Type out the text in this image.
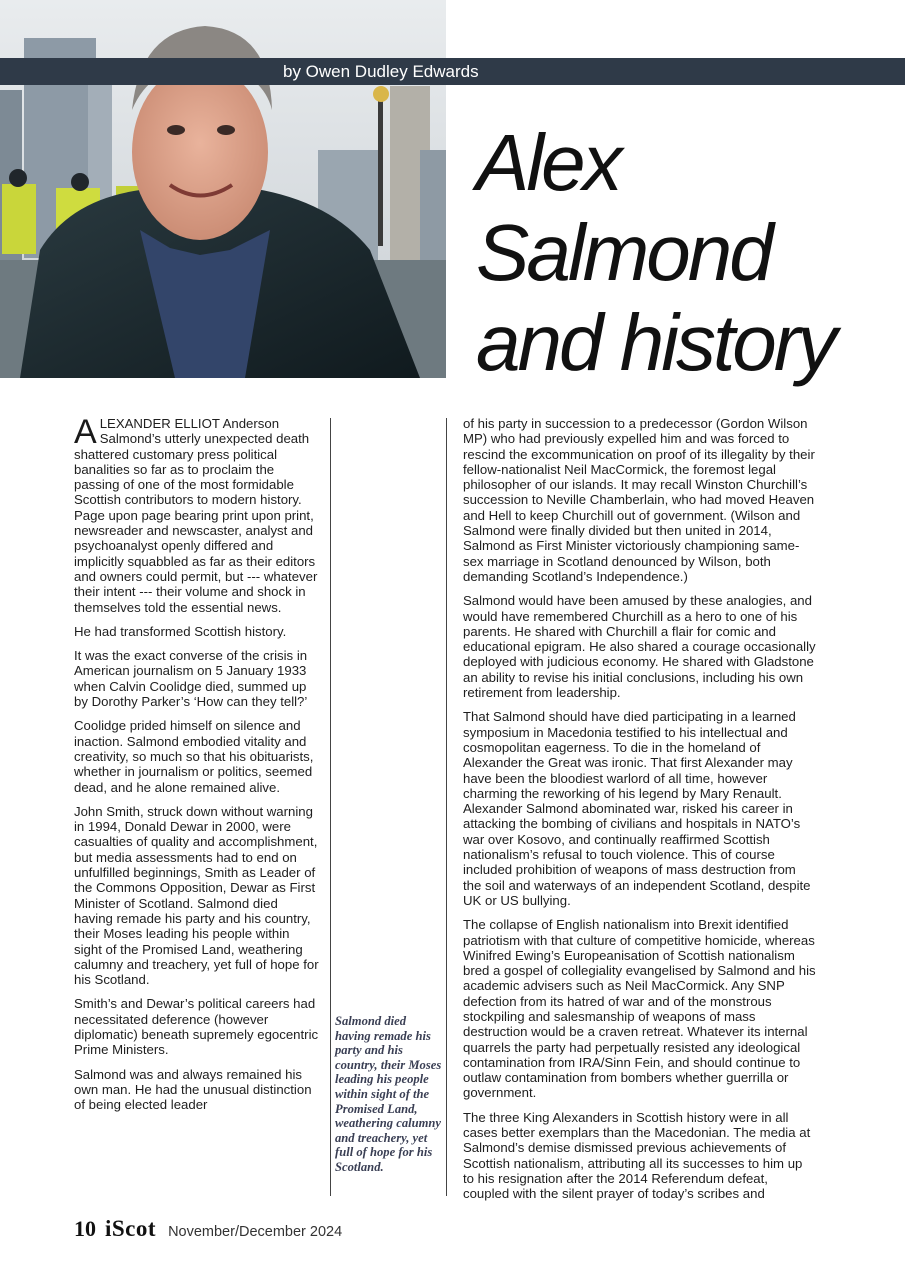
by Owen Dudley Edwards
Alex
Salmond
and history

ALEXANDER ELLIOT Anderson Salmond’s utterly unexpected death shattered customary press political banalities so far as to proclaim the passing of one of the most formidable Scottish contributors to modern history. Page upon page bearing print upon print, newsreader and newscaster, analyst and psychoanalyst openly differed and implicitly squabbled as far as their editors and owners could permit, but --- whatever their intent --- their volume and shock in themselves told the essential news.

He had transformed Scottish history.

It was the exact converse of the crisis in American journalism on 5 January 1933 when Calvin Coolidge died, summed up by Dorothy Parker’s ‘How can they tell?’

Coolidge prided himself on silence and inaction. Salmond embodied vitality and creativity, so much so that his obituarists, whether in journalism or politics, seemed dead, and he alone remained alive.

John Smith, struck down without warning in 1994, Donald Dewar in 2000, were casualties of quality and accomplishment, but media assessments had to end on unfulfilled beginnings, Smith as Leader of the Commons Opposition, Dewar as First Minister of Scotland. Salmond died having remade his party and his country, their Moses leading his people within sight of the Promised Land, weathering calumny and treachery, yet full of hope for his Scotland.

Smith’s and Dewar’s political careers had necessitated deference (however diplomatic) beneath supremely egocentric Prime Ministers.

Salmond was and always remained his own man. He had the unusual distinction of being elected leader

Salmond died having remade his party and his country, their Moses leading his people within sight of the Promised Land, weathering calumny and treachery, yet full of hope for his Scotland.

of his party in succession to a predecessor (Gordon Wilson MP) who had previously expelled him and was forced to rescind the excommunication on proof of its illegality by their fellow-nationalist Neil MacCormick, the foremost legal philosopher of our islands. It may recall Winston Churchill’s succession to Neville Chamberlain, who had moved Heaven and Hell to keep Churchill out of government. (Wilson and Salmond were finally divided but then united in 2014, Salmond as First Minister victoriously championing same-sex marriage in Scotland denounced by Wilson, both demanding Scotland’s Independence.)

Salmond would have been amused by these analogies, and would have remembered Churchill as a hero to one of his parents. He shared with Churchill a flair for comic and educational epigram. He also shared a courage occasionally deployed with judicious economy. He shared with Gladstone an ability to revise his initial conclusions, including his own retirement from leadership.

That Salmond should have died participating in a learned symposium in Macedonia testified to his intellectual and cosmopolitan eagerness. To die in the homeland of Alexander the Great was ironic. That first Alexander may have been the bloodiest warlord of all time, however charming the reworking of his legend by Mary Renault. Alexander Salmond abominated war, risked his career in attacking the bombing of civilians and hospitals in NATO’s war over Kosovo, and continually reaffirmed Scottish nationalism’s refusal to touch violence. This of course included prohibition of weapons of mass destruction from the soil and waterways of an independent Scotland, despite UK or US bullying.

The collapse of English nationalism into Brexit identified patriotism with that culture of competitive homicide, whereas Winifred Ewing’s Europeanisation of Scottish nationalism bred a gospel of collegiality evangelised by Salmond and his academic advisers such as Neil MacCormick. Any SNP defection from its hatred of war and of the monstrous stockpiling and salesmanship of weapons of mass destruction would be a craven retreat. Whatever its internal quarrels the party had perpetually resisted any ideological contamination from IRA/Sinn Fein, and should continue to outlaw contamination from bombers whether guerrilla or government.

The three King Alexanders in Scottish history were in all cases better exemplars than the Macedonian. The media at Salmond’s demise dismissed previous achievements of Scottish nationalism, attributing all its successes to him up to his resignation after the 2014 Referendum defeat, coupled with the silent prayer of today’s scribes and

10 iScot November/December 2024
